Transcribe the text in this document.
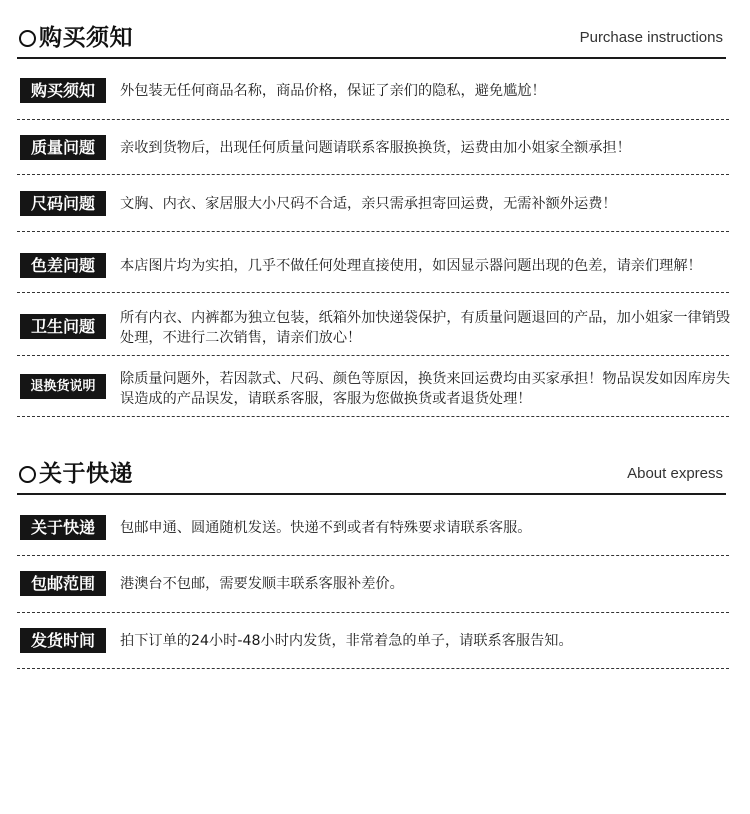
购买须知	Purchase instructions
购买须知	外包装无任何商品名称，商品价格，保证了亲们的隐私，避免尴尬！
质量问题	亲收到货物后，出现任何质量问题请联系客服换换货，运费由加小姐家全额承担！
尺码问题	文胸、内衣、家居服大小尺码不合适，亲只需承担寄回运费，无需补额外运费！
色差问题	本店图片均为实拍，几乎不做任何处理直接使用，如因显示器问题出现的色差，请亲们理解！
卫生问题	所有内衣、内裤都为独立包装，纸箱外加快递袋保护，有质量问题退回的产品，加小姐家一律销毁处理，不进行二次销售，请亲们放心！
退换货说明	除质量问题外，若因款式、尺码、颜色等原因，换货来回运费均由买家承担！物品误发如因库房失误造成的产品误发，请联系客服，客服为您做换货或者退货处理！
关于快递	About express
关于快递	包邮申通、圆通随机发送。快递不到或者有特殊要求请联系客服。
包邮范围	港澳台不包邮，需要发顺丰联系客服补差价。
发货时间	拍下订单的24小时-48小时内发货，非常着急的单子，请联系客服告知。
